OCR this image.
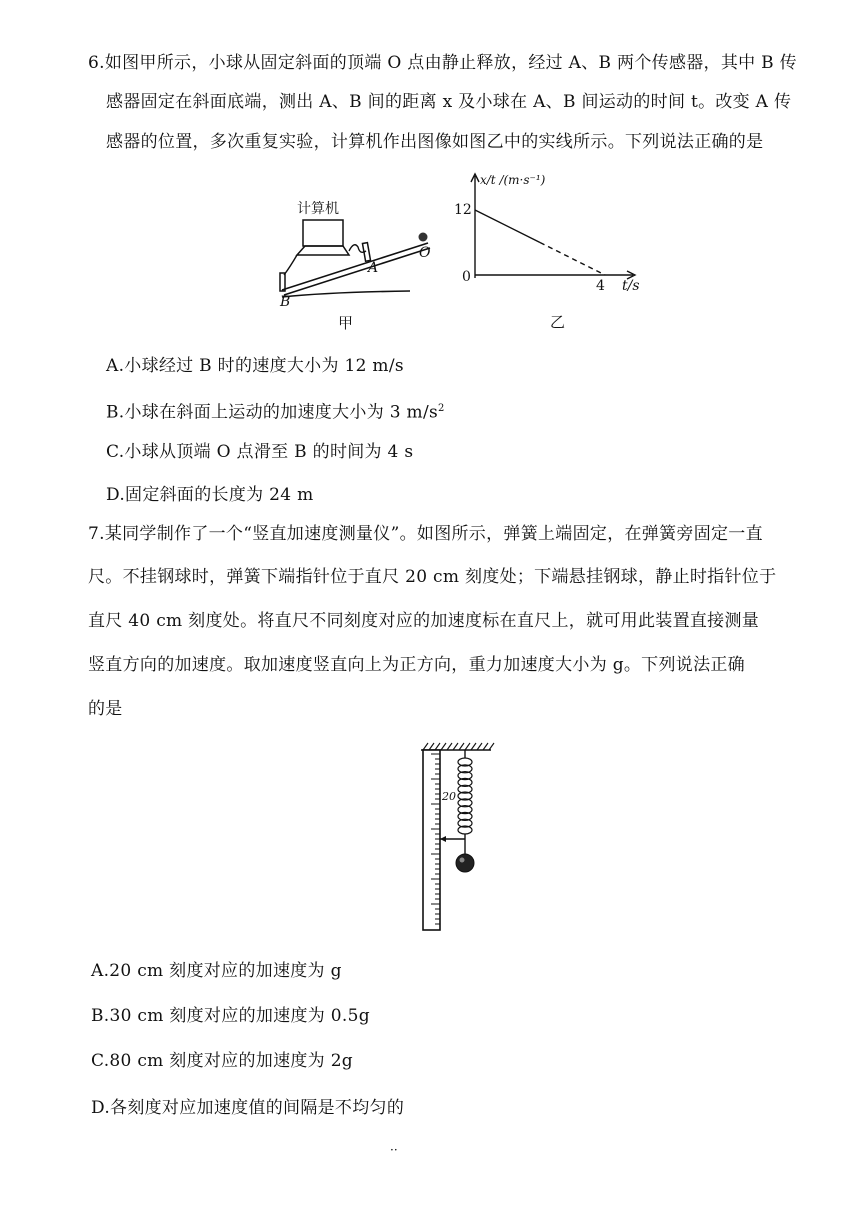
6.如图甲所示，小球从固定斜面的顶端 O 点由静止释放，经过 A、B 两个传感器，其中 B 传
感器固定在斜面底端，测出 A、B 间的距离 x 及小球在 A、B 间运动的时间 t。改变 A 传
感器的位置，多次重复实验，计算机作出图像如图乙中的实线所示。下列说法正确的是
计算机
A
B
O
甲
x/t /(m·s⁻¹)
12
0
4 t/s
乙
A.小球经过 B 时的速度大小为 12 m/s
B.小球在斜面上运动的加速度大小为 3 $m/s^2$
C.小球从顶端 O 点滑至 B 的时间为 4 s
D.固定斜面的长度为 24 m
7.某同学制作了一个“竖直加速度测量仪”。如图所示，弹簧上端固定，在弹簧旁固定一直
尺。不挂钢球时，弹簧下端指针位于直尺 20 cm 刻度处；下端悬挂钢球，静止时指针位于
直尺 40 cm 刻度处。将直尺不同刻度对应的加速度标在直尺上，就可用此装置直接测量
竖直方向的加速度。取加速度竖直向上为正方向，重力加速度大小为 g。下列说法正确
的是
20
A.20 cm 刻度对应的加速度为 g
B.30 cm 刻度对应的加速度为 0.5g
C.80 cm 刻度对应的加速度为 2g
D.各刻度对应加速度值的间隔是不均匀的
··
